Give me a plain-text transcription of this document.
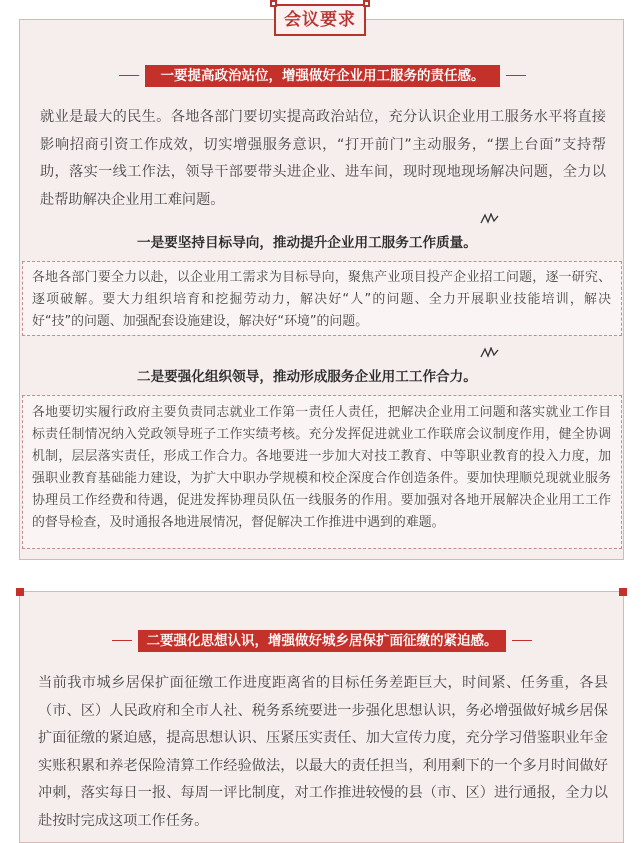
一要提高政治站位，增强做好企业用工服务的责任感。
就业是最大的民生。各地各部门要切实提高政治站位，充分认识企业用工服务水平将直接影响招商引资工作成效，切实增强服务意识，“打开前门”主动服务，“摆上台面”支持帮助，落实一线工作法，领导干部要带头进企业、进车间，现时现地现场解决问题，全力以赴帮助解决企业用工难问题。
一是要坚持目标导向，推动提升企业用工服务工作质量。
各地各部门要全力以赴，以企业用工需求为目标导向，聚焦产业项目投产企业招工问题，逐一研究、逐项破解。要大力组织培育和挖掘劳动力，解决好“人”的问题、全力开展职业技能培训，解决好“技”的问题、加强配套设施建设，解决好“环境”的问题。
二是要强化组织领导，推动形成服务企业用工工作合力。
各地要切实履行政府主要负责同志就业工作第一责任人责任，把解决企业用工问题和落实就业工作目标责任制情况纳入党政领导班子工作实绩考核。充分发挥促进就业工作联席会议制度作用，健全协调机制，层层落实责任，形成工作合力。各地要进一步加大对技工教育、中等职业教育的投入力度，加强职业教育基础能力建设，为扩大中职办学规模和校企深度合作创造条件。要加快理顺兑现就业服务协理员工作经费和待遇，促进发挥协理员队伍一线服务的作用。要加强对各地开展解决企业用工工作的督导检查，及时通报各地进展情况，督促解决工作推进中遇到的难题。
会议要求
二要强化思想认识，增强做好城乡居保扩面征缴的紧迫感。
当前我市城乡居保扩面征缴工作进度距离省的目标任务差距巨大，时间紧、任务重，各县（市、区）人民政府和全市人社、税务系统要进一步强化思想认识，务必增强做好城乡居保扩面征缴的紧迫感，提高思想认识、压紧压实责任、加大宣传力度，充分学习借鉴职业年金实账积累和养老保险清算工作经验做法，以最大的责任担当，利用剩下的一个多月时间做好冲刺，落实每日一报、每周一评比制度，对工作推进较慢的县（市、区）进行通报，全力以赴按时完成这项工作任务。
